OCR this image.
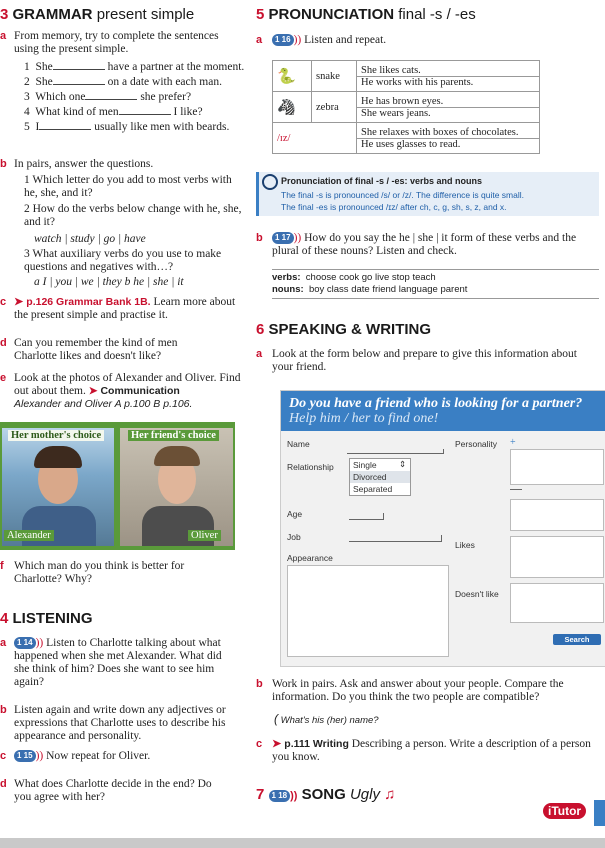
3 GRAMMAR present simple
a From memory, try to complete the sentences using the present simple.
1 She	have a partner at the moment.
2 She	on a date with each man.
3 Which one	she prefer?
4 What kind of men	I like?
5 I	usually like men with beards.
b In pairs, answer the questions.
1 Which letter do you add to most verbs with he, she, and it?
2 How do the verbs below change with he, she, and it?
watch | study | go | have
3 What auxiliary verbs do you use to make questions and negatives with…?
a I | you | we | they b he | she | it
c ➤ p.126 Grammar Bank 1B. Learn more about the present simple and practise it.
d Can you remember the kind of men Charlotte likes and doesn't like?
e Look at the photos of Alexander and Oliver. Find out about them. ➤ Communication
Alexander and Oliver A p.100 B p.106.
Her mother's choice	Her friend's choice
Alexander	Oliver
f Which man do you think is better for Charlotte? Why?
4 LISTENING
a	1 14 )) Listen to Charlotte talking about what happened when she met Alexander. What did she think of him? Does she want to see him again?
b Listen again and write down any adjectives or expressions that Charlotte uses to describe his appearance and personality.
c	1 15 )) Now repeat for Oliver.
d What does Charlotte decide in the end? Do you agree with her?
5 PRONUNCIATION final -s / -es
a	1 16 )) Listen and repeat.
🐍	snake	She likes cats.
He works with his parents.

🦓	zebra	He has brown eyes.
She wears jeans.

/ɪz/		She relaxes with boxes of chocolates.
He uses glasses to read.
Pronunciation of final -s / -es: verbs and nouns
The final -s is pronounced /s/ or /z/. The difference is quite small.
The final -es is pronounced /ɪz/ after ch, c, g, sh, s, z, and x.
b	1 17 )) How do you say the he | she | it form of these verbs and the plural of these nouns? Listen and check.
verbs: choose cook go live stop teach
nouns: boy class date friend language parent
6 SPEAKING & WRITING
a Look at the form below and prepare to give this information about your friend.
Do you have a friend who is looking for a partner?
Help him / her to find one!
Name	Personality +
Relationship	Single
Divorced
Separated
⇕
Age
Job
Likes
Appearance
Doesn't like
Search
b Work in pairs. Ask and answer about your people. Compare the information. Do you think the two people are compatible?
( What's his (her) name?
c ➤ p.111 Writing Describing a person. Write a description of a person you know.
7 1 18 )) SONG Ugly ♫
iTutor
